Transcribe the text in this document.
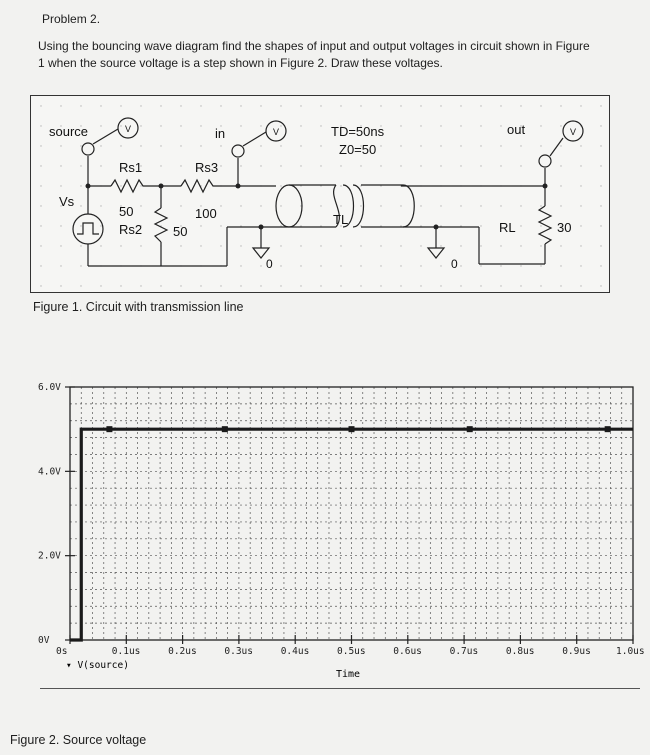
Problem 2.
Using the bouncing wave diagram find the shapes of input and output voltages in circuit shown in Figure 1 when the source voltage is a step shown in Figure 2. Draw these voltages.
source	V	V	V
in	out
Rs1	Rs3
Vs
50
Rs2 50
100
TD=50ns
Z0=50
TL
RL	30
0	0
Figure 1. Circuit with transmission line
0V
2.0V
4.0V
6.0V
0s	0.1us	0.2us	0.3us	0.4us	0.5us	0.6us	0.7us	0.8us	0.9us	1.0us
▾ V(source)
Time
Figure 2. Source voltage
